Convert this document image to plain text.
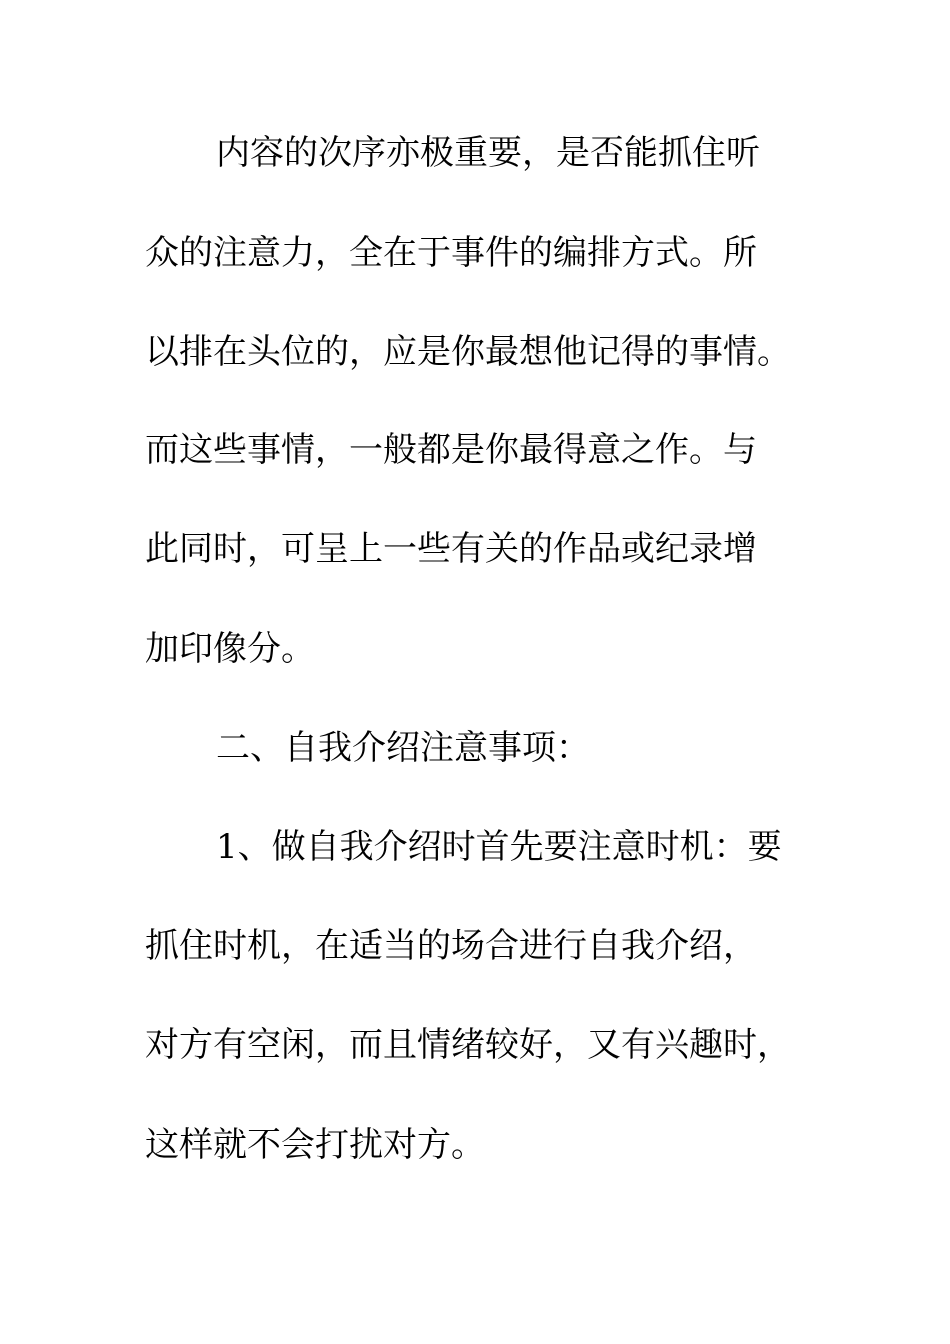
内容的次序亦极重要，是否能抓住听
众的注意力，全在于事件的编排方式。所
以排在头位的，应是你最想他记得的事情。
而这些事情，一般都是你最得意之作。与
此同时，可呈上一些有关的作品或纪录增
加印像分。
二、自我介绍注意事项：
1、做自我介绍时首先要注意时机：要
抓住时机，在适当的场合进行自我介绍，
对方有空闲，而且情绪较好，又有兴趣时，
这样就不会打扰对方。
